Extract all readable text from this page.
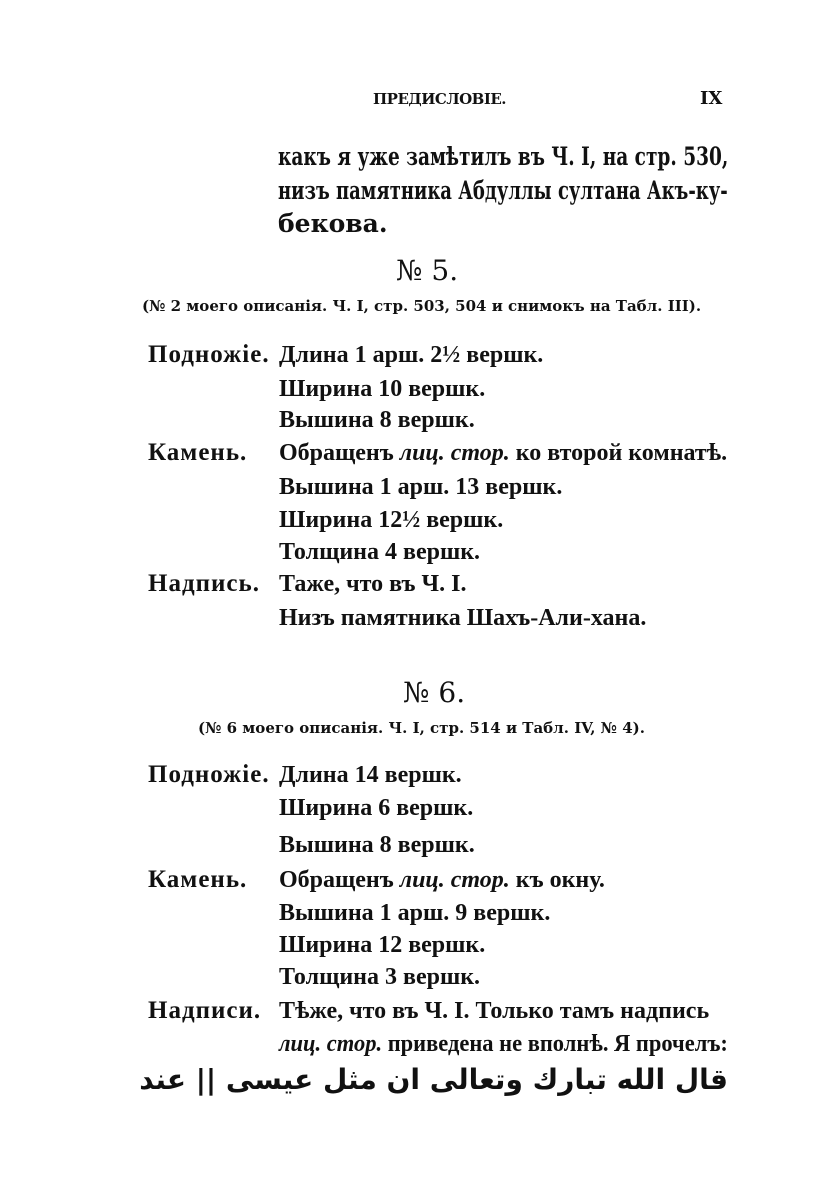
ПРЕДИСЛОВІЕ.	IX
какъ я уже замѣтилъ въ Ч. I, на стр. 530,
низъ памятника Абдуллы султана Акъ-ку-
бекова.
№ 5.
(№ 2 моего описанія. Ч. I, стр. 503, 504 и снимокъ на Табл. III).
Подножіе. Длина 1 арш. 2½ вершк.
Ширина 10 вершк.
Вышина 8 вершк.
Камень. Обращенъ лиц. стор. ко второй комнатѣ.
Вышина 1 арш. 13 вершк.
Ширина 12½ вершк.
Толщина 4 вершк.
Надпись. Таже, что въ Ч. I.
Низъ памятника Шахъ-Али-хана.
№ 6.
(№ 6 моего описанія. Ч. I, стр. 514 и Табл. IV, № 4).
Подножіе. Длина 14 вершк.
Ширина 6 вершк.
Вышина 8 вершк.
Камень. Обращенъ лиц. стор. къ окну.
Вышина 1 арш. 9 вершк.
Ширина 12 вершк.
Толщина 3 вершк.
Надписи. Тѣже, что въ Ч. I. Только тамъ надпись
лиц. стор. приведена не вполнѣ. Я прочелъ:
قال الله تبارك وتعالى ان مثل عيسى || عند
